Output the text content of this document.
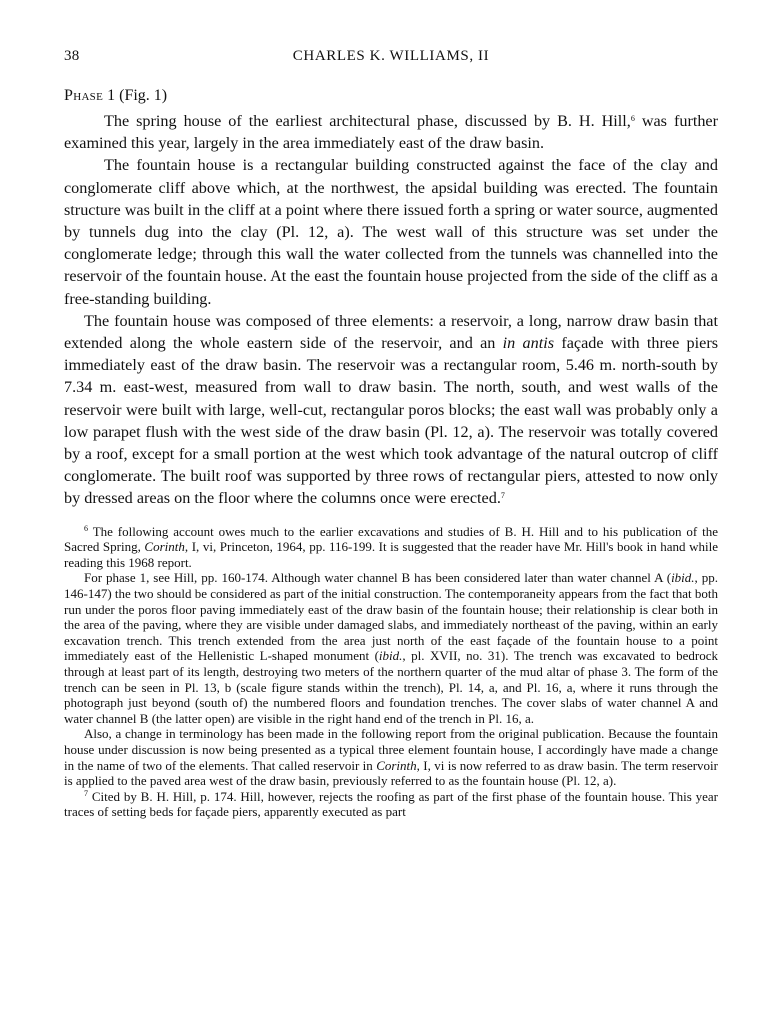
38	CHARLES K. WILLIAMS, II
Phase 1 (Fig. 1)

The spring house of the earliest architectural phase, discussed by B. H. Hill,$^6$ was further examined this year, largely in the area immediately east of the draw basin.

The fountain house is a rectangular building constructed against the face of the clay and conglomerate cliff above which, at the northwest, the apsidal building was erected. The fountain structure was built in the cliff at a point where there issued forth a spring or water source, augmented by tunnels dug into the clay (Pl. 12, a). The west wall of this structure was set under the conglomerate ledge; through this wall the water collected from the tunnels was channelled into the reservoir of the fountain house. At the east the fountain house projected from the side of the cliff as a free-standing building.

The fountain house was composed of three elements: a reservoir, a long, narrow draw basin that extended along the whole eastern side of the reservoir, and an in antis façade with three piers immediately east of the draw basin. The reservoir was a rectangular room, 5.46 m. north-south by 7.34 m. east-west, measured from wall to draw basin. The north, south, and west walls of the reservoir were built with large, well-cut, rectangular poros blocks; the east wall was probably only a low parapet flush with the west side of the draw basin (Pl. 12, a). The reservoir was totally covered by a roof, except for a small portion at the west which took advantage of the natural outcrop of cliff conglomerate. The built roof was supported by three rows of rectangular piers, attested to now only by dressed areas on the floor where the columns once were erected.$^7$

$^6$ The following account owes much to the earlier excavations and studies of B. H. Hill and to his publication of the Sacred Spring, Corinth, I, vi, Princeton, 1964, pp. 116-199. It is suggested that the reader have Mr. Hill's book in hand while reading this 1968 report.

For phase 1, see Hill, pp. 160-174. Although water channel B has been considered later than water channel A (ibid., pp. 146-147) the two should be considered as part of the initial construction. The contemporaneity appears from the fact that both run under the poros floor paving immediately east of the draw basin of the fountain house; their relationship is clear both in the area of the paving, where they are visible under damaged slabs, and immediately northeast of the paving, within an early excavation trench. This trench extended from the area just north of the east façade of the fountain house to a point immediately east of the Hellenistic L-shaped monument (ibid., pl. XVII, no. 31). The trench was excavated to bedrock through at least part of its length, destroying two meters of the northern quarter of the mud altar of phase 3. The form of the trench can be seen in Pl. 13, b (scale figure stands within the trench), Pl. 14, a, and Pl. 16, a, where it runs through the photograph just beyond (south of) the numbered floors and foundation trenches. The cover slabs of water channel A and water channel B (the latter open) are visible in the right hand end of the trench in Pl. 16, a.

Also, a change in terminology has been made in the following report from the original publication. Because the fountain house under discussion is now being presented as a typical three element fountain house, I accordingly have made a change in the name of two of the elements. That called reservoir in Corinth, I, vi is now referred to as draw basin. The term reservoir is applied to the paved area west of the draw basin, previously referred to as the fountain house (Pl. 12, a).

$^7$ Cited by B. H. Hill, p. 174. Hill, however, rejects the roofing as part of the first phase of the fountain house. This year traces of setting beds for façade piers, apparently executed as part
